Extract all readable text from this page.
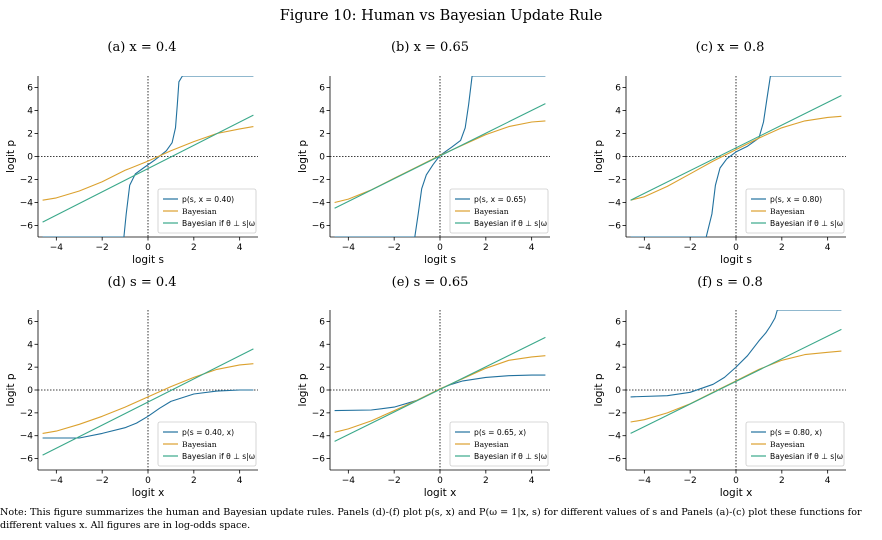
Figure 10: Human vs Bayesian Update Rule
(a) x = 0.4	(b) x = 0.65	(c) x = 0.8
(d) s = 0.4	(e) s = 0.65	(f) s = 0.8
−4	−2	0	2	4
−6
−4
−2
0
2
4
6
logit s
logit p
p(s, x = 0.40)
Bayesian
Bayesian if θ ⊥ s|ω
−4	−2	0	2	4
−6
−4
−2
0
2
4
6
logit s
logit p
p(s, x = 0.65)
Bayesian
Bayesian if θ ⊥ s|ω
−4	−2	0	2	4
−6
−4
−2
0
2
4
6
logit s
logit p
p(s, x = 0.80)
Bayesian
Bayesian if θ ⊥ s|ω
−4	−2	0	2	4
−6
−4
−2
0
2
4
6
logit x
logit p
p(s = 0.40, x)
Bayesian
Bayesian if θ ⊥ s|ω
−4	−2	0	2	4
−6
−4
−2
0
2
4
6
logit x
logit p
p(s = 0.65, x)
Bayesian
Bayesian if θ ⊥ s|ω
−4	−2	0	2	4
−6
−4
−2
0
2
4
6
logit x
logit p
p(s = 0.80, x)
Bayesian
Bayesian if θ ⊥ s|ω
Note: This figure summarizes the human and Bayesian update rules. Panels (d)-(f) plot p(s, x) and P(ω = 1|x, s) for different values of s and Panels (a)-(c) plot these functions for different values x. All figures are in log-odds space.
